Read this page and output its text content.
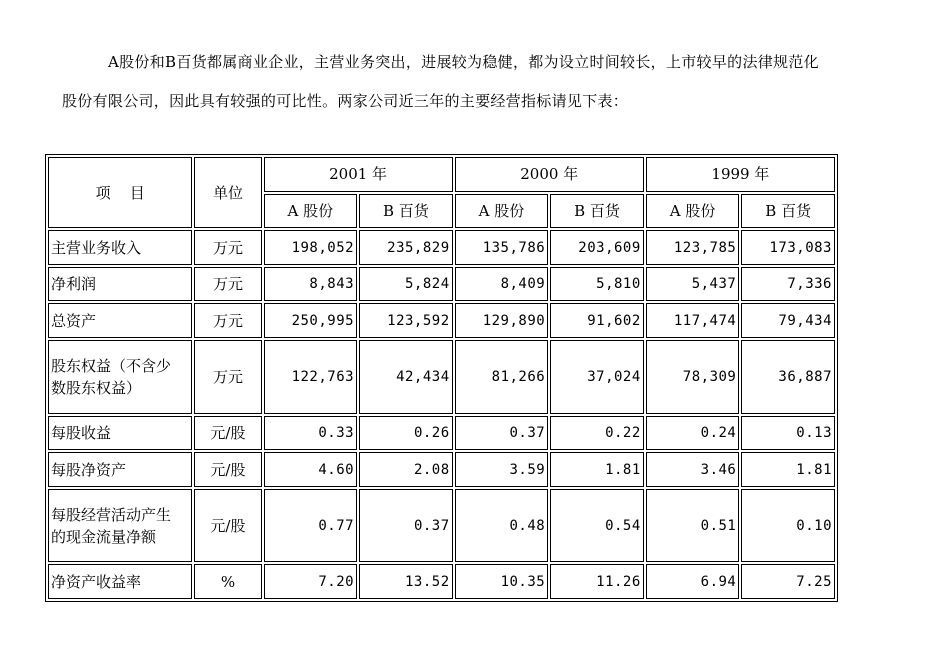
A股份和B百货都属商业企业，主营业务突出，进展较为稳健，都为设立时间较长，上市较早的法律规范化
股份有限公司，因此具有较强的可比性。两家公司近三年的主要经营指标请见下表：
项    目	单位	2001 年		2000 年		1999 年	
		A 股份	B 百货	A 股份	B 百货	A 股份	B 百货
主营业务收入	万元	198,052	235,829	135,786	203,609	123,785	173,083
净利润	万元	8,843	5,824	8,409	5,810	5,437	7,336
总资产	万元	250,995	123,592	129,890	91,602	117,474	79,434

股东权益（不含少
数股东权益）	万元	122,763	42,434	81,266	37,024	78,309	36,887
每股收益	元/股	0.33	0.26	0.37	0.22	0.24	0.13
每股净资产	元/股	4.60	2.08	3.59	1.81	3.46	1.81

每股经营活动产生
的现金流量净额	元/股	0.77	0.37	0.48	0.54	0.51	0.10
净资产收益率	%	7.20	13.52	10.35	11.26	6.94	7.25
